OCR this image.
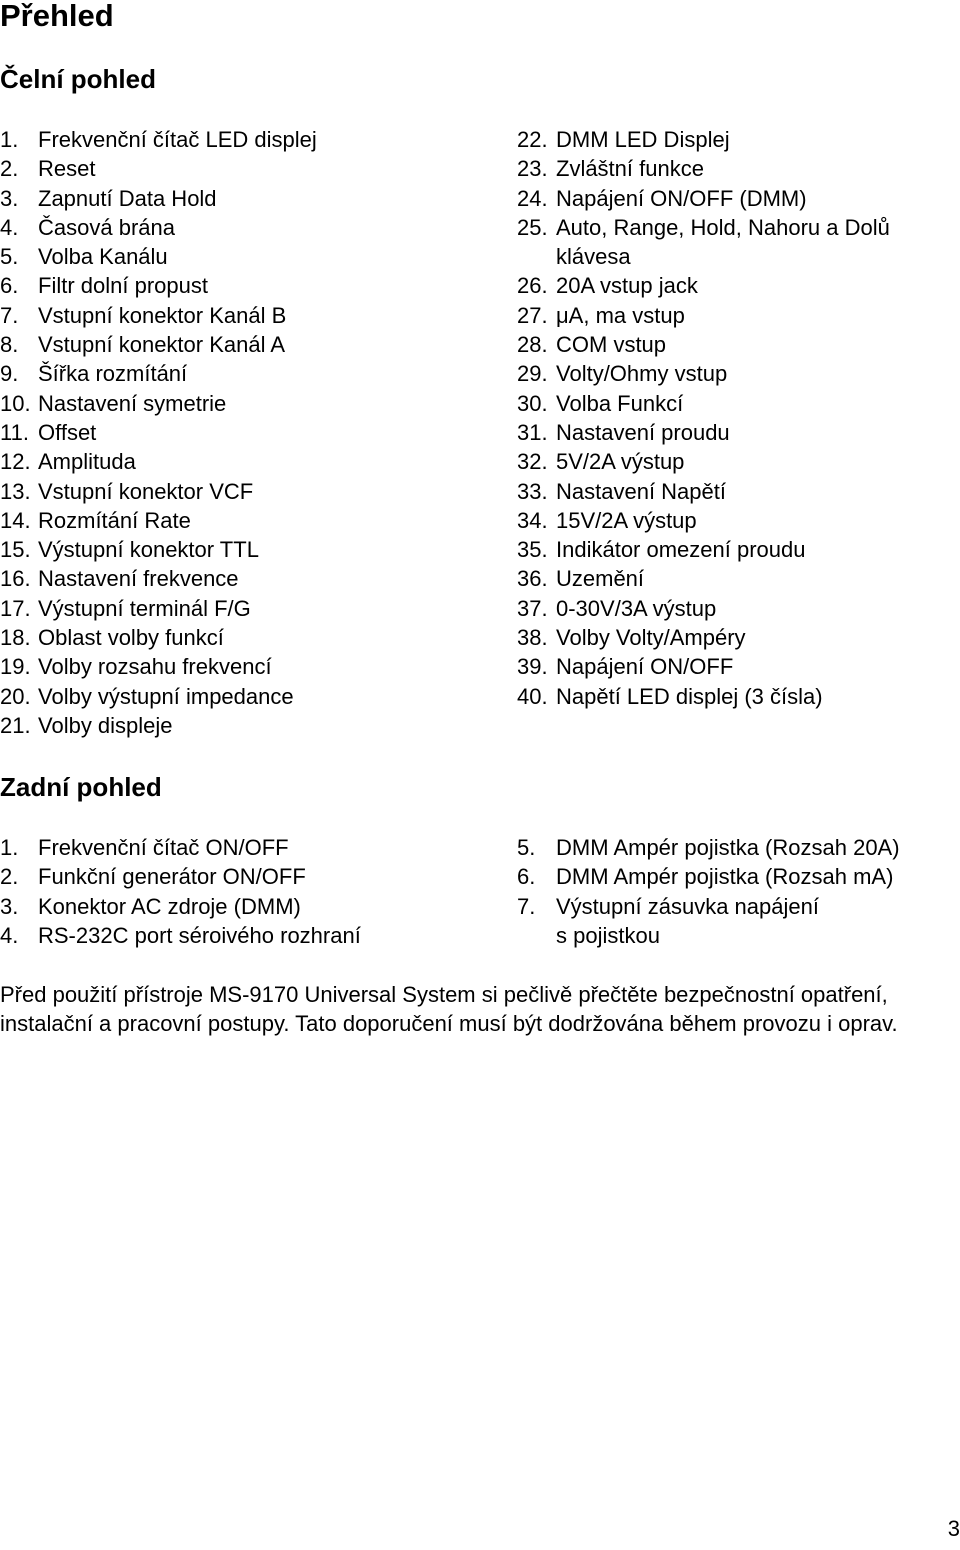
Přehled
Čelní pohled
1. Frekvenční čítač LED displej
2. Reset
3. Zapnutí Data Hold
4. Časová brána
5. Volba Kanálu
6. Filtr dolní propust
7. Vstupní konektor Kanál B
8. Vstupní konektor Kanál A
9. Šířka rozmítání
10. Nastavení symetrie
11. Offset
12. Amplituda
13. Vstupní konektor VCF
14. Rozmítání Rate
15. Výstupní konektor TTL
16. Nastavení frekvence
17. Výstupní terminál F/G
18. Oblast volby funkcí
19. Volby rozsahu frekvencí
20. Volby výstupní impedance
21. Volby displeje
22. DMM LED Displej
23. Zvláštní funkce
24. Napájení ON/OFF (DMM)
25. Auto, Range, Hold, Nahoru a Dolů
klávesa
26. 20A vstup jack
27. μA, ma vstup
28. COM vstup
29. Volty/Ohmy vstup
30. Volba Funkcí
31. Nastavení proudu
32. 5V/2A výstup
33. Nastavení Napětí
34. 15V/2A výstup
35. Indikátor omezení proudu
36. Uzemění
37. 0-30V/3A výstup
38. Volby Volty/Ampéry
39. Napájení ON/OFF
40. Napětí LED displej (3 čísla)
Zadní pohled
1. Frekvenční čítač ON/OFF
2. Funkční generátor ON/OFF
3. Konektor AC zdroje (DMM)
4. RS-232C port séroivého rozhraní
5. DMM Ampér pojistka (Rozsah 20A)
6. DMM Ampér pojistka (Rozsah mA)
7. Výstupní zásuvka napájení
s pojistkou

Před použití přístroje MS-9170 Universal System si pečlivě přečtěte bezpečnostní opatření, instalační a pracovní postupy. Tato doporučení musí být dodržována během provozu i oprav.

3
